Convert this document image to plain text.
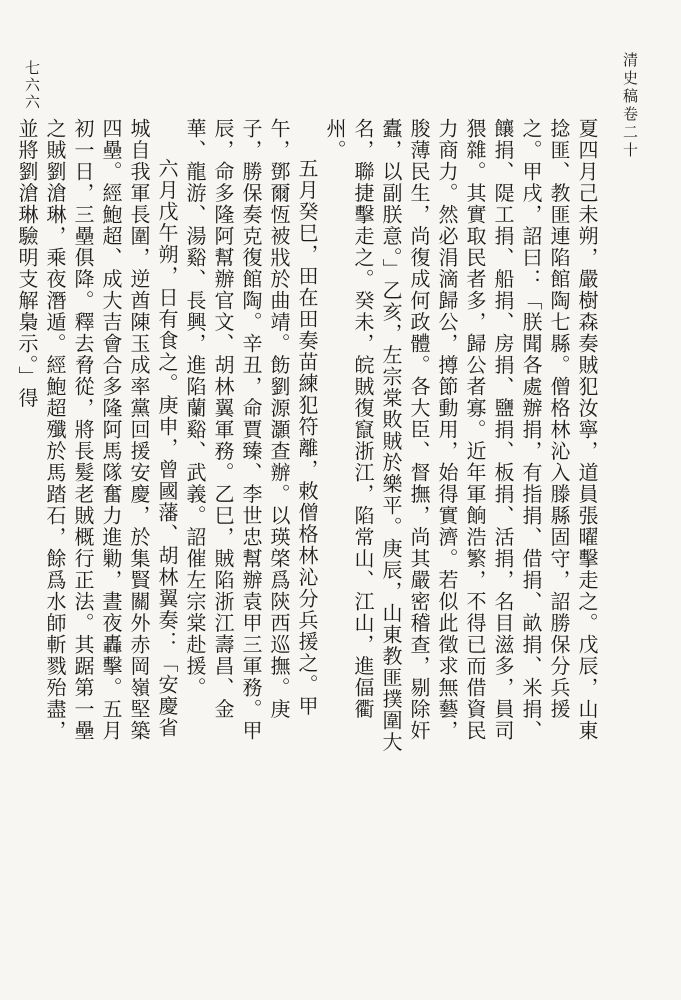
清史稿卷二十
七六六

夏四月己未朔，嚴樹森奏賊犯汝寧，道員張曜擊走之。戊辰，山東捻匪、教匪連陷館陶七縣。僧格林沁入滕縣固守，詔勝保分兵援之。甲戌，詔曰：「朕聞各處辦捐，有指捐、借捐、畝捐、米捐、饟捐、隄工捐、船捐、房捐、鹽捐、板捐、活捐，名目滋多，員司猥雜。其實取民者多，歸公者寡。近年軍餉浩繁，不得已而借資民力商力。然必涓滴歸公，撙節動用，始得實濟。若似此徵求無藝，朘薄民生，尚復成何政體。各大臣、督撫，尚其嚴密稽查，剔除奸蠹，以副朕意。」乙亥，左宗棠敗賊於樂平。庚辰，山東教匪撲圍大名，聯捷擊走之。癸未，皖賊復竄浙江，陷常山、江山，進偪衢州。

五月癸巳，田在田奏苗練犯符離，敕僧格林沁分兵援之。甲午，鄧爾恆被戕於曲靖。飭劉源灝查辦。以瑛棨爲陝西巡撫。庚子，勝保奏克復館陶。辛丑，命賈臻、李世忠幫辦袁甲三軍務。甲辰，命多隆阿幫辦官文、胡林翼軍務。乙巳，賊陷浙江壽昌、金華、龍游、湯谿、長興，進陷蘭谿、武義。詔催左宗棠赴援。

六月戊午朔，日有食之。庚申，曾國藩、胡林翼奏：「安慶省城自我軍長圍，逆酋陳玉成率黨回援安慶，於集賢關外赤岡嶺堅築四壘。經鮑超、成大吉會合多隆阿馬隊奮力進勦，晝夜轟擊。五月初一日，三壘俱降。釋去脅從，將長髮老賊概行正法。其踞第一壘之賊劉滄琳，乘夜潛遁。經鮑超殲於馬踏石，餘爲水師斬戮殆盡，並將劉滄琳驗明支解梟示。」得
